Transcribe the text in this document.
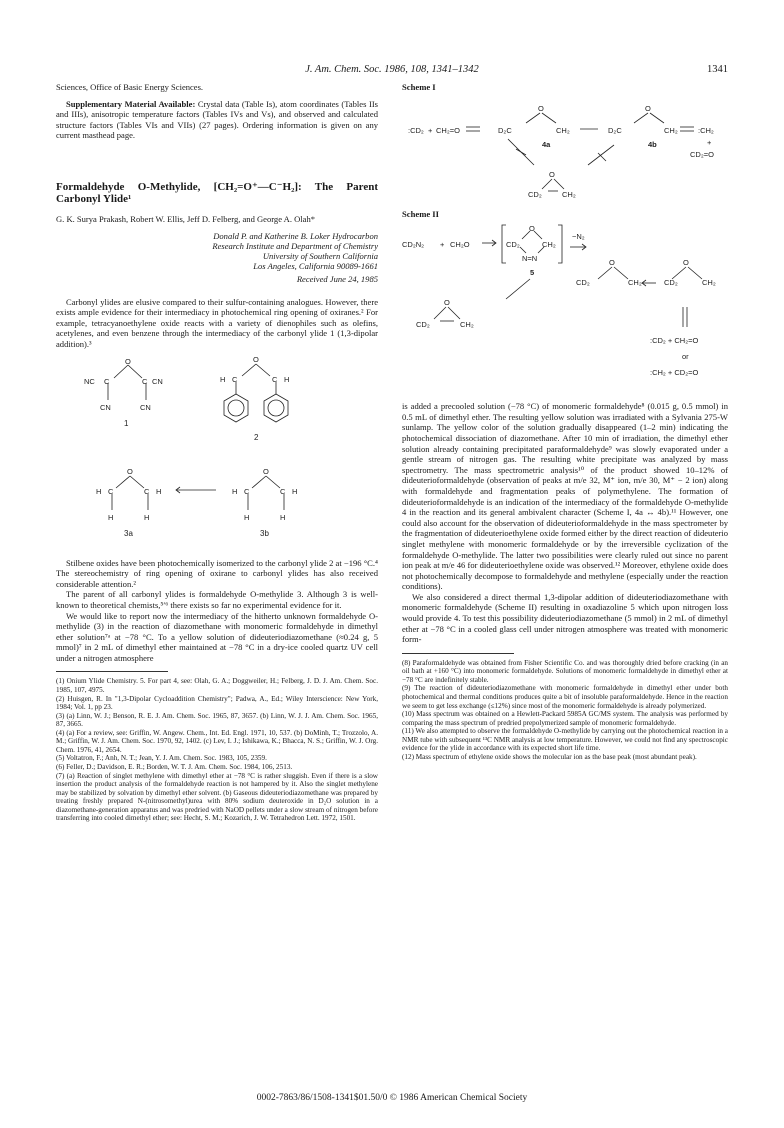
J. Am. Chem. Soc. 1986, 108, 1341–1342	1341

Sciences, Office of Basic Energy Sciences.

Supplementary Material Available: Crystal data (Table Is), atom coordinates (Tables IIs and IIIs), anisotropic temperature factors (Tables IVs and Vs), and observed and calculated structure factors (Tables VIs and VIIs) (27 pages). Ordering information is given on any current masthead page.

Formaldehyde O-Methylide, [CH₂=O⁺—C⁻H₂]: The Parent Carbonyl Ylide¹

G. K. Surya Prakash, Robert W. Ellis, Jeff D. Felberg, and George A. Olah*

Donald P. and Katherine B. Loker Hydrocarbon
Research Institute and Department of Chemistry
University of Southern California
Los Angeles, California 90089-1661
Received June 24, 1985

Carbonyl ylides are elusive compared to their sulfur-containing analogues. However, there exists ample evidence for their intermediacy in photochemical ring opening of oxiranes.² For example, tetracyanoethylene oxide reacts with a variety of dienophiles such as olefins, acetylenes, and even benzene through the intermediacy of the carbonyl ylide 1 (1,3-dipolar addition).³

NC C
O
C CN
CN	CN
1
H C
O
C H
2
H C
O
C H
H	H
3a
H C
O
C H
H	H
3b

Stilbene oxides have been photochemically isomerized to the carbonyl ylide 2 at −196 °C.⁴ The stereochemistry of ring opening of oxirane to carbonyl ylides has also received considerable attention.²

The parent of all carbonyl ylides is formaldehyde O-methylide 3. Although 3 is well-known to theoretical chemists,⁵ʹ⁶ there exists so far no experimental evidence for it.

We would like to report now the intermediacy of the hitherto unknown formaldehyde O-methylide (3) in the reaction of diazomethane with monomeric formaldehyde in dimethyl ether solution⁷ᵃ at −78 °C. To a yellow solution of dideuteriodiazomethane (≈0.24 g, 5 mmol)⁷ in 2 mL of dimethyl ether maintained at −78 °C in a dry-ice cooled quartz UV cell under a nitrogen atmosphere

(1) Onium Ylide Chemistry. 5. For part 4, see: Olah, G. A.; Doggweiler, H.; Felberg, J. D. J. Am. Chem. Soc. 1985, 107, 4975.

(2) Huisgen, R. In "1,3-Dipolar Cycloaddition Chemistry"; Padwa, A., Ed.; Wiley Interscience: New York, 1984; Vol. 1, pp 23.

(3) (a) Linn, W. J.; Benson, R. E. J. Am. Chem. Soc. 1965, 87, 3657. (b) Linn, W. J. J. Am. Chem. Soc. 1965, 87, 3665.

(4) (a) For a review, see: Griffin, W. Angew. Chem., Int. Ed. Engl. 1971, 10, 537. (b) DoMinh, T.; Trozzolo, A. M.; Griffin, W. J. Am. Chem. Soc. 1970, 92, 1402. (c) Lev, I. J.; Ishikawa, K.; Bhacca, N. S.; Griffin, W. J. Org. Chem. 1976, 41, 2654.

(5) Voltatron, F.; Anh, N. T.; Jean, Y. J. Am. Chem. Soc. 1983, 105, 2359.

(6) Feller, D.; Davidson, E. R.; Borden, W. T. J. Am. Chem. Soc. 1984, 106, 2513.

(7) (a) Reaction of singlet methylene with dimethyl ether at −78 °C is rather sluggish. Even if there is a slow insertion the product analysis of the formaldehyde reaction is not hampered by it. Also the singlet methylene may be stabilized by solvation by dimethyl ether solvent. (b) Gaseous dideuteriodiazomethane was prepared by treating freshly prepared N-(nitrosomethyl)urea with 80% sodium deuteroxide in D₂O solution in a diazomethane-generation apparatus and was predried with NaOD pellets under a slow stream of nitrogen before transferring into cooled dimethyl ether; see: Hecht, S. M.; Kozarich, J. W. Tetrahedron Lett. 1972, 1501.

Scheme I

:CD₂ + CH₂=O	D₂C
O
CH₂
4a
D₂C
O
CH₂
4b
:CH₂
+
CD₂=O
CD₂
O
CH₂

Scheme II

CD₂N₂ + CH₂O	CD₂
O
CH₂
N=N
−N₂
5
CD₂
O
CH₂	CD₂
O
CH₂
CD₂
O
CH₂
:CD₂ + CH₂=O
or
:CH₂ + CD₂=O

is added a precooled solution (−78 °C) of monomeric formaldehyde⁸ (0.015 g, 0.5 mmol) in 0.5 mL of dimethyl ether. The resulting yellow solution was irradiated with a Sylvania 275-W sunlamp. The yellow color of the solution gradually disappeared (1–2 min) indicating the photochemical dissociation of diazomethane. After 10 min of irradiation, the dimethyl ether solution already containing precipitated paraformaldehyde⁹ was slowly evaporated under a gentle stream of nitrogen gas. The resulting white precipitate was analyzed by mass spectrometry. The mass spectrometric analysis¹⁰ of the product showed 10–12% of dideuterioformaldehyde (observation of peaks at m/e 32, M⁺ ion, m/e 30, M⁺ − 2 ion) along with formaldehyde and fragmentation peaks of polymethylene. The formation of dideuterioformaldehyde is an indication of the intermediacy of the formaldehyde O-methylide 4 in the reaction and its general ambivalent character (Scheme I, 4a ↔ 4b).¹¹ However, one could also account for the observation of dideuterioformaldehyde in the mass spectrometer by the fragmentation of dideuterioethylene oxide formed either by the direct reaction of dideuterio singlet methylene with monomeric formaldehyde or by the irreversible cyclization of the formaldehyde O-methylide. The latter two possibilities were clearly ruled out since no parent ion peak at m/e 46 for dideuterioethylene oxide was observed.¹² Moreover, ethylene oxide does not photochemically decompose to formaldehyde and methylene (especially under the reaction conditions).

We also considered a direct thermal 1,3-dipolar addition of dideuteriodiazomethane with monomeric formaldehyde (Scheme II) resulting in oxadiazoline 5 which upon nitrogen loss would provide 4. To test this possibility dideuteriodiazomethane (5 mmol) in 2 mL of dimethyl ether at −78 °C in a cooled glass cell under nitrogen atmosphere was treated with monomeric form-

(8) Paraformaldehyde was obtained from Fisher Scientific Co. and was thoroughly dried before cracking (in an oil bath at +160 °C) into monomeric formaldehyde. Solutions of monomeric formaldehyde in dimethyl ether at −78 °C are indefinitely stable.

(9) The reaction of dideuteriodiazomethane with monomeric formaldehyde in dimethyl ether under both photochemical and thermal conditions produces quite a bit of insoluble paraformaldehyde. Hence in the reaction we seem to get less exchange (≤12%) since most of the monomeric formaldehyde is already polymerized.

(10) Mass spectrum was obtained on a Hewlett-Packard 5985A GC/MS system. The analysis was performed by comparing the mass spectrum of predried prepolymerized sample of monomeric formaldehyde.

(11) We also attempted to observe the formaldehyde O-methylide by carrying out the photochemical reaction in a NMR tube with subsequent ¹³C NMR analysis at low temperature. However, we could not find any spectroscopic evidence for the ylide in accordance with its expected short life time.

(12) Mass spectrum of ethylene oxide shows the molecular ion as the base peak (most abundant peak).

0002-7863/86/1508-1341$01.50/0 © 1986 American Chemical Society
